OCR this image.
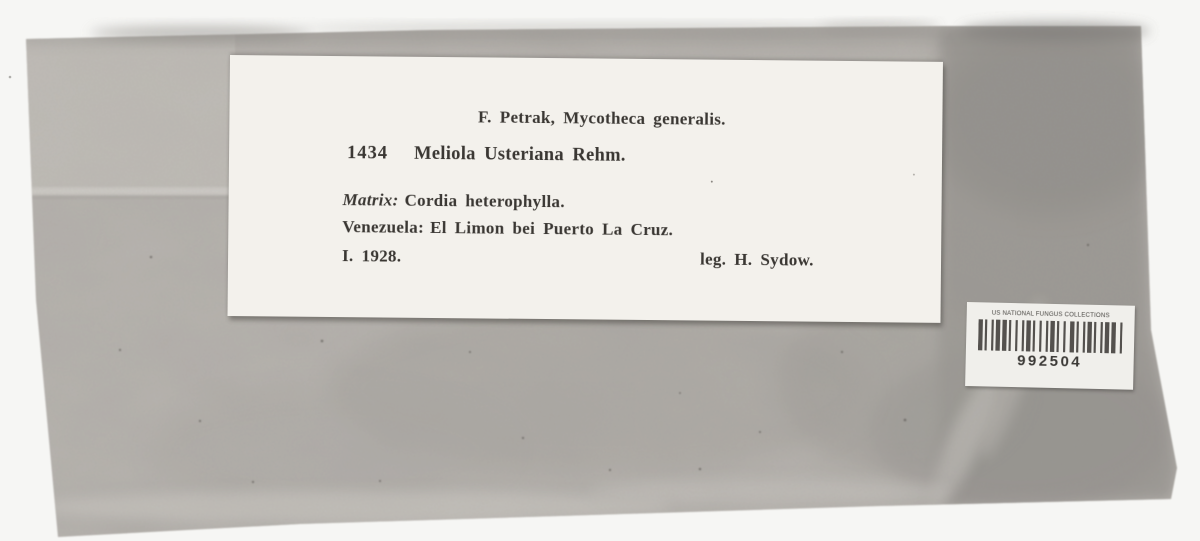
F. Petrak, Mycotheca generalis.
1434 Meliola Usteriana Rehm.
Matrix: Cordia heterophylla.
Venezuela: El Limon bei Puerto La Cruz.
I. 1928.	leg. H. Sydow.
US NATIONAL FUNGUS COLLECTIONS
992504
